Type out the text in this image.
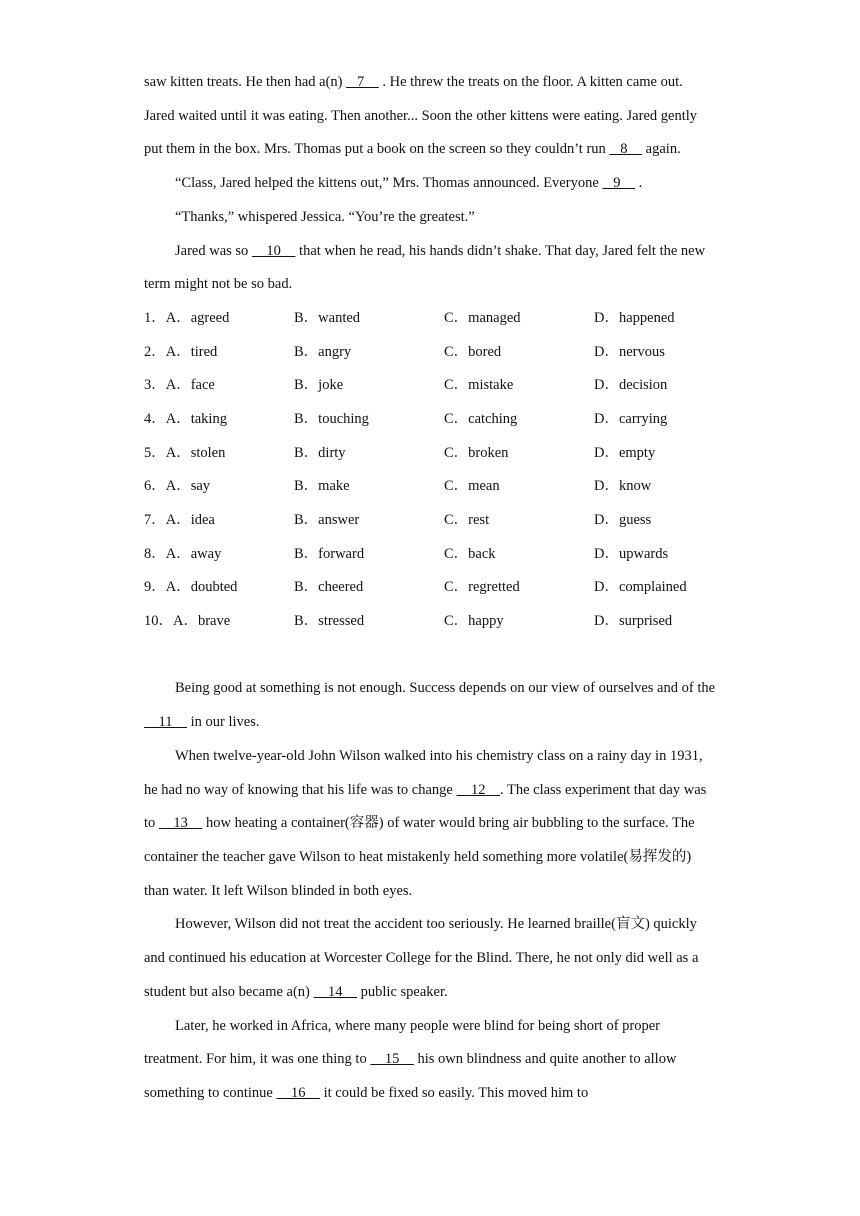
saw kitten treats. He then had a(n)    7     . He threw the treats on the floor. A kitten came out. Jared waited until it was eating. Then another... Soon the other kittens were eating. Jared gently put them in the box. Mrs. Thomas put a book on the screen so they couldn’t run    8     again.

“Class, Jared helped the kittens out,” Mrs. Thomas announced. Everyone    9     .

“Thanks,” whispered Jessica. “You’re the greatest.”

Jared was so     10     that when he read, his hands didn’t shake. That day, Jared felt the new term might not be so bad.

1．A．agreed	B．wanted	C．managed	D．happened
2．A．tired	B．angry	C．bored	D．nervous
3．A．face	B．joke	C．mistake	D．decision
4．A．taking	B．touching	C．catching	D．carrying
5．A．stolen	B．dirty	C．broken	D．empty
6．A．say	B．make	C．mean	D．know
7．A．idea	B．answer	C．rest	D．guess
8．A．away	B．forward	C．back	D．upwards
9．A．doubted	B．cheered	C．regretted	D．complained
10．A．brave	B．stressed	C．happy	D．surprised

Being good at something is not enough. Success depends on our view of ourselves and of the     11     in our lives.

When twelve-year-old John Wilson walked into his chemistry class on a rainy day in 1931, he had no way of knowing that his life was to change     12    . The class experiment that day was to     13     how heating a container(容器) of water would bring air bubbling to the surface. The container the teacher gave Wilson to heat mistakenly held something more volatile(易挥发的) than water. It left Wilson blinded in both eyes.

However, Wilson did not treat the accident too seriously. He learned braille(盲文) quickly and continued his education at Worcester College for the Blind. There, he not only did well as a student but also became a(n)     14     public speaker.

Later, he worked in Africa, where many people were blind for being short of proper treatment. For him, it was one thing to     15     his own blindness and quite another to allow something to continue     16     it could be fixed so easily. This moved him to
